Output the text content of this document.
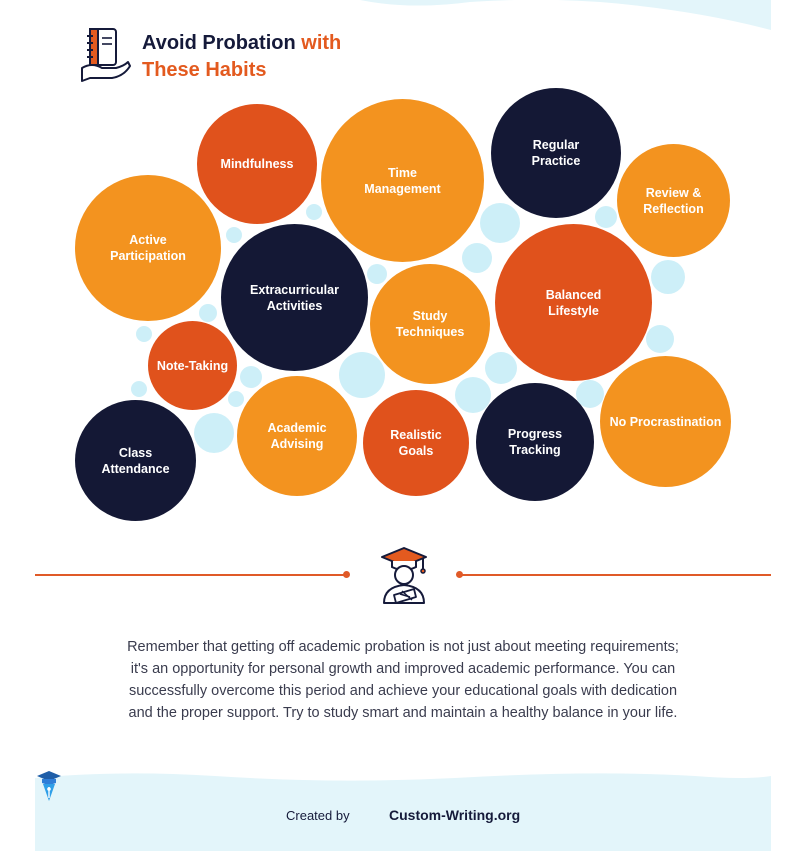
Avoid Probation with
These Habits
Mindfulness
Time Management
Regular Practice
Review & Reflection
Active Participation
Extracurricular Activities
Study Techniques
Balanced Lifestyle
Note-Taking
Academic Advising
Realistic Goals
Progress Tracking
No Procrastination
Class Attendance

Remember that getting off academic probation is not just about meeting requirements; it's an opportunity for personal growth and improved academic performance. You can successfully overcome this period and achieve your educational goals with dedication and the proper support. Try to study smart and maintain a healthy balance in your life.

Created by	Custom-Writing.org
